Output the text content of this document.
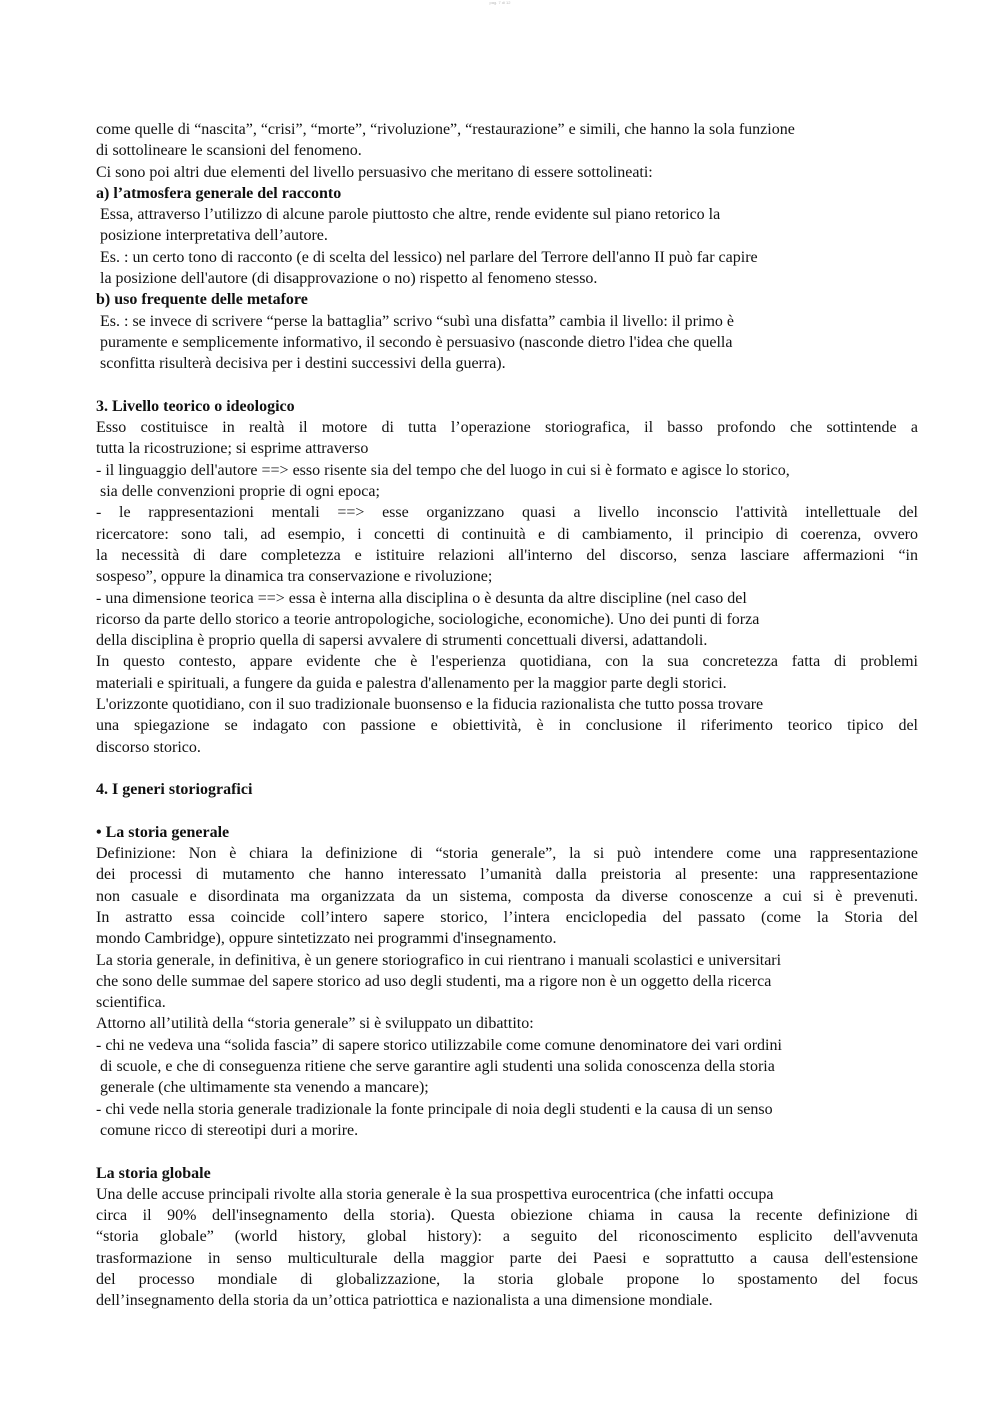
pag. 7 di 12
come quelle di “nascita”, “crisi”, “morte”, “rivoluzione”, “restaurazione” e simili, che hanno la sola funzione
di sottolineare le scansioni del fenomeno.
Ci sono poi altri due elementi del livello persuasivo che meritano di essere sottolineati:
a) l’atmosfera generale del racconto
Essa, attraverso l’utilizzo di alcune parole piuttosto che altre, rende evidente sul piano retorico la
posizione interpretativa dell’autore.
Es. : un certo tono di racconto (e di scelta del lessico) nel parlare del Terrore dell'anno II può far capire
la posizione dell'autore (di disapprovazione o no) rispetto al fenomeno stesso.
b) uso frequente delle metafore
Es. : se invece di scrivere “perse la battaglia” scrivo “subì una disfatta” cambia il livello: il primo è
puramente e semplicemente informativo, il secondo è persuasivo (nasconde dietro l'idea che quella
sconfitta risulterà decisiva per i destini successivi della guerra).
3. Livello teorico o ideologico
Esso costituisce in realtà il motore di tutta l’operazione storiografica, il basso profondo che sottintende a
tutta la ricostruzione; si esprime attraverso
- il linguaggio dell'autore ==> esso risente sia del tempo che del luogo in cui si è formato e agisce lo storico,
sia delle convenzioni proprie di ogni epoca;
- le rappresentazioni mentali ==> esse organizzano quasi a livello inconscio l'attività intellettuale del
ricercatore: sono tali, ad esempio, i concetti di continuità e di cambiamento, il principio di coerenza, ovvero
la necessità di dare completezza e istituire relazioni all'interno del discorso, senza lasciare affermazioni “in
sospeso”, oppure la dinamica tra conservazione e rivoluzione;
- una dimensione teorica ==> essa è interna alla disciplina o è desunta da altre discipline (nel caso del
ricorso da parte dello storico a teorie antropologiche, sociologiche, economiche). Uno dei punti di forza
della disciplina è proprio quella di sapersi avvalere di strumenti concettuali diversi, adattandoli.
In questo contesto, appare evidente che è l'esperienza quotidiana, con la sua concretezza fatta di problemi
materiali e spirituali, a fungere da guida e palestra d'allenamento per la maggior parte degli storici.
L'orizzonte quotidiano, con il suo tradizionale buonsenso e la fiducia razionalista che tutto possa trovare
una spiegazione se indagato con passione e obiettività, è in conclusione il riferimento teorico tipico del
discorso storico.
4. I generi storiografici
• La storia generale
Definizione: Non è chiara la definizione di “storia generale”, la si può intendere come una rappresentazione
dei processi di mutamento che hanno interessato l’umanità dalla preistoria al presente: una rappresentazione
non casuale e disordinata ma organizzata da un sistema, composta da diverse conoscenze a cui si è prevenuti.
In astratto essa coincide coll’intero sapere storico, l’intera enciclopedia del passato (come la Storia del
mondo Cambridge), oppure sintetizzato nei programmi d'insegnamento.
La storia generale, in definitiva, è un genere storiografico in cui rientrano i manuali scolastici e universitari
che sono delle summae del sapere storico ad uso degli studenti, ma a rigore non è un oggetto della ricerca
scientifica.
Attorno all’utilità della “storia generale” si è sviluppato un dibattito:
- chi ne vedeva una “solida fascia” di sapere storico utilizzabile come comune denominatore dei vari ordini
di scuole, e che di conseguenza ritiene che serve garantire agli studenti una solida conoscenza della storia
generale (che ultimamente sta venendo a mancare);
- chi vede nella storia generale tradizionale la fonte principale di noia degli studenti e la causa di un senso
comune ricco di stereotipi duri a morire.
La storia globale
Una delle accuse principali rivolte alla storia generale è la sua prospettiva eurocentrica (che infatti occupa
circa il 90% dell'insegnamento della storia). Questa obiezione chiama in causa la recente definizione di
“storia globale” (world history, global history): a seguito del riconoscimento esplicito dell'avvenuta
trasformazione in senso multiculturale della maggior parte dei Paesi e soprattutto a causa dell'estensione
del processo mondiale di globalizzazione, la storia globale propone lo spostamento del focus
dell’insegnamento della storia da un’ottica patriottica e nazionalista a una dimensione mondiale.
